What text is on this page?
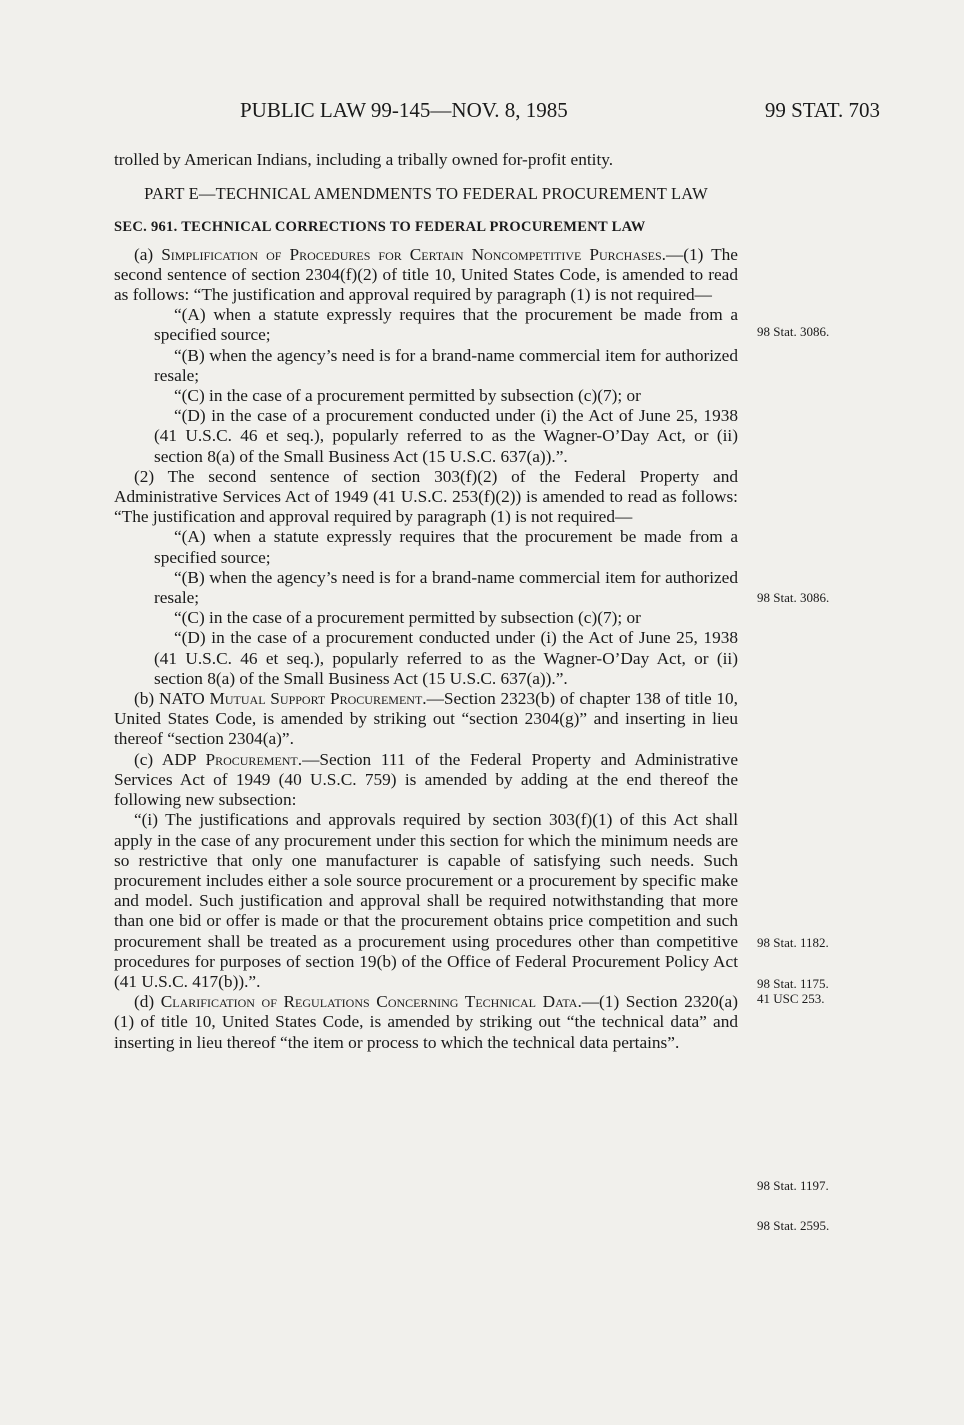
PUBLIC LAW 99-145—NOV. 8, 1985	99 STAT. 703

trolled by American Indians, including a tribally owned for-profit entity.

PART E—TECHNICAL AMENDMENTS TO FEDERAL PROCUREMENT LAW

SEC. 961. TECHNICAL CORRECTIONS TO FEDERAL PROCUREMENT LAW

(a) Simplification of Procedures for Certain Noncompetitive Purchases.—(1) The second sentence of section 2304(f)(2) of title 10, United States Code, is amended to read as follows: “The justification and approval required by paragraph (1) is not required—

“(A) when a statute expressly requires that the procurement be made from a specified source;

“(B) when the agency’s need is for a brand-name commercial item for authorized resale;

“(C) in the case of a procurement permitted by subsection (c)(7); or

“(D) in the case of a procurement conducted under (i) the Act of June 25, 1938 (41 U.S.C. 46 et seq.), popularly referred to as the Wagner-O’Day Act, or (ii) section 8(a) of the Small Business Act (15 U.S.C. 637(a)).”.

(2) The second sentence of section 303(f)(2) of the Federal Property and Administrative Services Act of 1949 (41 U.S.C. 253(f)(2)) is amended to read as follows: “The justification and approval required by paragraph (1) is not required—

“(A) when a statute expressly requires that the procurement be made from a specified source;

“(B) when the agency’s need is for a brand-name commercial item for authorized resale;

“(C) in the case of a procurement permitted by subsection (c)(7); or

“(D) in the case of a procurement conducted under (i) the Act of June 25, 1938 (41 U.S.C. 46 et seq.), popularly referred to as the Wagner-O’Day Act, or (ii) section 8(a) of the Small Business Act (15 U.S.C. 637(a)).”.

(b) NATO Mutual Support Procurement.—Section 2323(b) of chapter 138 of title 10, United States Code, is amended by striking out “section 2304(g)” and inserting in lieu thereof “section 2304(a)”.

(c) ADP Procurement.—Section 111 of the Federal Property and Administrative Services Act of 1949 (40 U.S.C. 759) is amended by adding at the end thereof the following new subsection:

“(i) The justifications and approvals required by section 303(f)(1) of this Act shall apply in the case of any procurement under this section for which the minimum needs are so restrictive that only one manufacturer is capable of satisfying such needs. Such procurement includes either a sole source procurement or a procurement by specific make and model. Such justification and approval shall be required notwithstanding that more than one bid or offer is made or that the procurement obtains price competition and such procurement shall be treated as a procurement using procedures other than competitive procedures for purposes of section 19(b) of the Office of Federal Procurement Policy Act (41 U.S.C. 417(b)).”.

(d) Clarification of Regulations Concerning Technical Data.—(1) Section 2320(a)(1) of title 10, United States Code, is amended by striking out “the technical data” and inserting in lieu thereof “the item or process to which the technical data pertains”.

98 Stat. 3086.
98 Stat. 3086.
98 Stat. 1182.
98 Stat. 1175.
41 USC 253.
98 Stat. 1197.
98 Stat. 2595.
